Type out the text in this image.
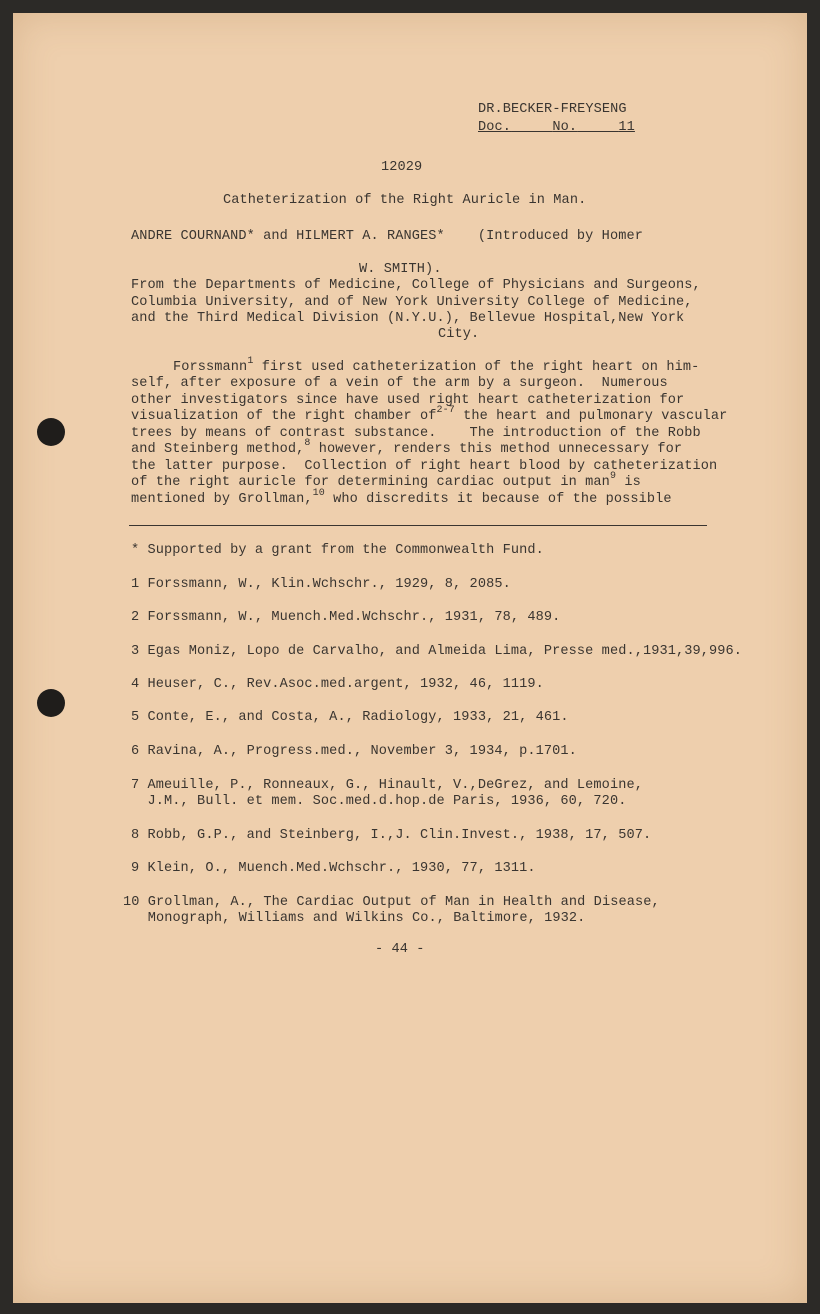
DR.BECKER-FREYSENG
Doc.	No.	11
12029
Catheterization of the Right Auricle in Man.
ANDRE COURNAND* and HILMERT A. RANGES*    (Introduced by Homer
W. SMITH).
From the Departments of Medicine, College of Physicians and Surgeons,
Columbia University, and of New York University College of Medicine,
and the Third Medical Division (N.Y.U.), Bellevue Hospital,New York
City.
Forssmann$^1$ first used catheterization of the right heart on him-
self, after exposure of a vein of the arm by a surgeon.  Numerous
other investigators since have used right heart catheterization for
visualization of the right chamber $of^{2-7}$ the heart and pulmonary vascular
trees by means of contrast substance.    The introduction of the Robb
and Steinberg method,$^8$ however, renders this method unnecessary for
the latter purpose.  Collection of right heart blood by catheterization
of the right auricle for determining cardiac output in man$^9$ is
mentioned by Grollman,$^{10}$ who discredits it because of the possible
* Supported by a grant from the Commonwealth Fund.
1 Forssmann, W., Klin.Wchschr., 1929, 8, 2085.
2 Forssmann, W., Muench.Med.Wchschr., 1931, 78, 489.
3 Egas Moniz, Lopo de Carvalho, and Almeida Lima, Presse med.,1931,39,996.
4 Heuser, C., Rev.Asoc.med.argent, 1932, 46, 1119.
5 Conte, E., and Costa, A., Radiology, 1933, 21, 461.
6 Ravina, A., Progress.med., November 3, 1934, p.1701.
7 Ameuille, P., Ronneaux, G., Hinault, V.,DeGrez, and Lemoine,
J.M., Bull. et mem. Soc.med.d.hop.de Paris, 1936, 60, 720.
8 Robb, G.P., and Steinberg, I.,J. Clin.Invest., 1938, 17, 507.
9 Klein, O., Muench.Med.Wchschr., 1930, 77, 1311.
10 Grollman, A., The Cardiac Output of Man in Health and Disease,
Monograph, Williams and Wilkins Co., Baltimore, 1932.
- 44 -
